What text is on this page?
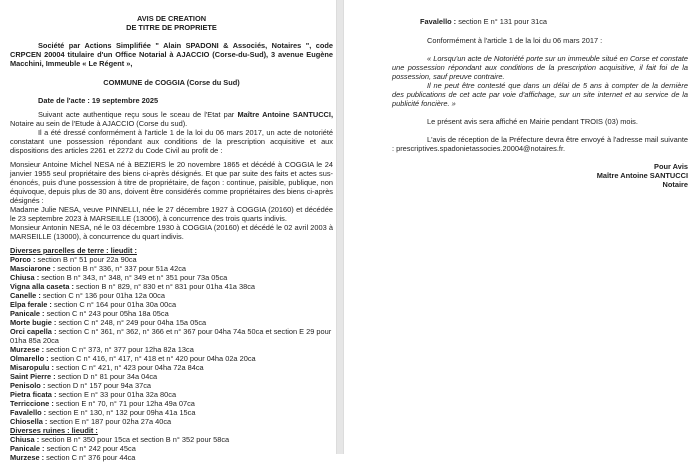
AVIS DE CREATION

DE TITRE DE PROPRIETE

Société par Actions Simplifiée " Alain SPADONI & Associés, Notaires ", code CRPCEN 20004 titulaire d'un Office Notarial à AJACCIO (Corse-du-Sud), 3 avenue Eugène Macchini, Immeuble « Le Régent »,

COMMUNE de COGGIA (Corse du Sud)

Date de l'acte : 19 septembre 2025

Suivant acte authentique reçu sous le sceau de l'Etat par Maître Antoine SANTUCCI, Notaire au sein de l'Etude à AJACCIO (Corse du sud).

Il a été dressé conformément à l'article 1 de la loi du 06 mars 2017, un acte de notoriété constatant une possession répondant aux conditions de la prescription acquisitive et aux dispositions des articles 2261 et 2272 du Code Civil au profit de :

Monsieur Antoine Michel NESA né à BEZIERS le 20 novembre 1865 et décédé à COGGIA le 24 janvier 1955 seul propriétaire des biens ci-après désignés. Et que par suite des faits et actes sus-énoncés, puis d'une possession à titre de propriétaire, de façon : continue, paisible, publique, non équivoque, depuis plus de 30 ans, doivent être considérés comme propriétaires des biens ci-après désignés :

Madame Julie NESA, veuve PINNELLI, née le 27 décembre 1927 à COGGIA (20160) et décédée le 23 septembre 2023 à MARSEILLE (13006), à concurrence des trois quarts indivis.

Monsieur Antonin NESA, né le 03 décembre 1930 à COGGIA (20160) et décédé le 02 avril 2003 à MARSEILLE (13000), à concurrence du quart indivis.

Diverses parcelles de terre : lieudit :

Porco : section B n° 51 pour 22a 90ca
Masciarone : section B n° 336, n° 337 pour 51a 42ca
Chiusa : section B n° 343, n° 348, n° 349 et n° 351 pour 73a 05ca
Vigna alla caseta : section B n° 829, n° 830 et n° 831 pour 01ha 41a 38ca
Canelle : section C n° 136 pour 01ha 12a 00ca
Elpa ferale : section C n° 164 pour 01ha 30a 00ca
Panicale : section C n° 243 pour 05ha 18a 05ca
Morte bugie : section C n° 248, n° 249 pour 04ha 15a 05ca
Orci capella : section C n° 361, n° 362, n° 366 et n° 367 pour 04ha 74a 50ca et section E 29 pour 01ha 85a 20ca
Murzese : section C n° 373, n° 377 pour 12ha 82a 13ca
Olmarello : section C n° 416, n° 417, n° 418 et n° 420 pour 04ha 02a 20ca
Misaropulu : section C n° 421, n° 423 pour 04ha 72a 84ca
Saint Pierre : section D n° 81 pour 34a 04ca
Penisolo : section D n° 157 pour 94a 37ca
Pietra ficata : section E n° 33 pour 01ha 32a 80ca
Terriccione : section E n° 70, n° 71 pour 12ha 49a 07ca
Favalello : section E n° 130, n° 132 pour 09ha 41a 15ca
Chiosella : section E n° 187 pour 02ha 27a 40ca

Diverses ruines : lieudit :

Chiusa : section B n° 350 pour 15ca et section B n° 352 pour 58ca
Panicale : section C n° 242 pour 45ca
Murzese : section C n° 376 pour 44ca

Favalello : section E n° 131 pour 31ca

Conformément à l'article 1 de la loi du 06 mars 2017 :

« Lorsqu'un acte de Notoriété porte sur un immeuble situé en Corse et constate une possession répondant aux conditions de la prescription acquisitive, il fait foi de la possession, sauf preuve contraire.

Il ne peut être contesté que dans un délai de 5 ans à compter de la dernière des publications de cet acte par voie d'affichage, sur un site internet et au service de la publicité foncière. »

Le présent avis sera affiché en Mairie pendant TROIS (03) mois.

L'avis de réception de la Préfecture devra être envoyé à l'adresse mail suivante : prescriptives.spadonietassocies.20004@notaires.fr.

Pour Avis

Maître Antoine SANTUCCI

Notaire
